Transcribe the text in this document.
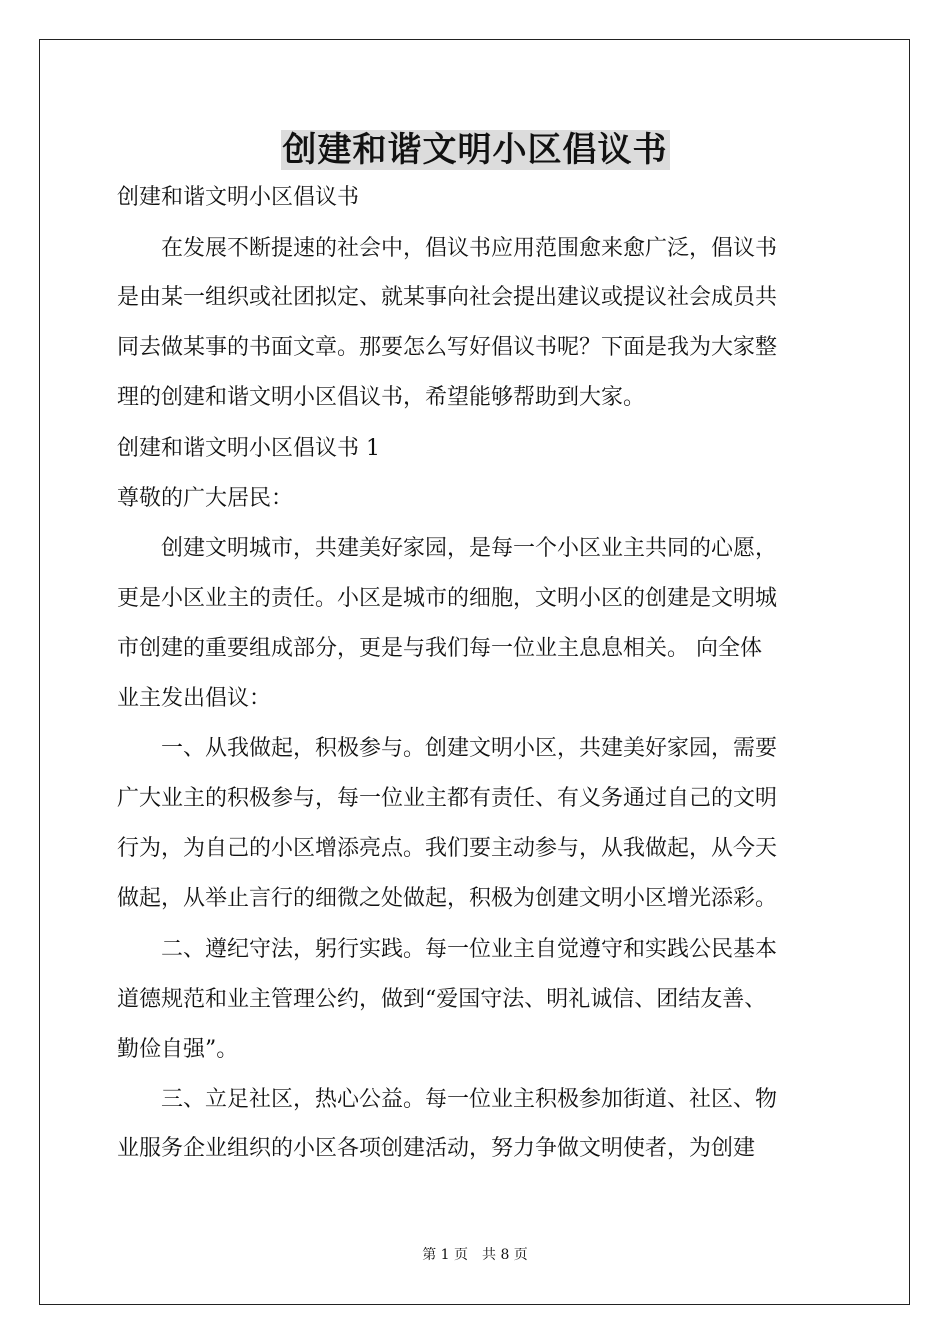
创建和谐文明小区倡议书
创建和谐文明小区倡议书
　　在发展不断提速的社会中，倡议书应用范围愈来愈广泛，倡议书
是由某一组织或社团拟定、就某事向社会提出建议或提议社会成员共
同去做某事的书面文章。那要怎么写好倡议书呢？下面是我为大家整
理的创建和谐文明小区倡议书，希望能够帮助到大家。
创建和谐文明小区倡议书 1
尊敬的广大居民：
　　创建文明城市，共建美好家园，是每一个小区业主共同的心愿，
更是小区业主的责任。小区是城市的细胞，文明小区的创建是文明城
市创建的重要组成部分，更是与我们每一位业主息息相关。 向全体
业主发出倡议：
　　一、从我做起，积极参与。创建文明小区，共建美好家园，需要
广大业主的积极参与，每一位业主都有责任、有义务通过自己的文明
行为，为自己的小区增添亮点。我们要主动参与，从我做起，从今天
做起，从举止言行的细微之处做起，积极为创建文明小区增光添彩。
　　二、遵纪守法，躬行实践。每一位业主自觉遵守和实践公民基本
道德规范和业主管理公约，做到“爱国守法、明礼诚信、团结友善、
勤俭自强”。
　　三、立足社区，热心公益。每一位业主积极参加街道、社区、物
业服务企业组织的小区各项创建活动，努力争做文明使者，为创建
第 1 页　共 8 页
